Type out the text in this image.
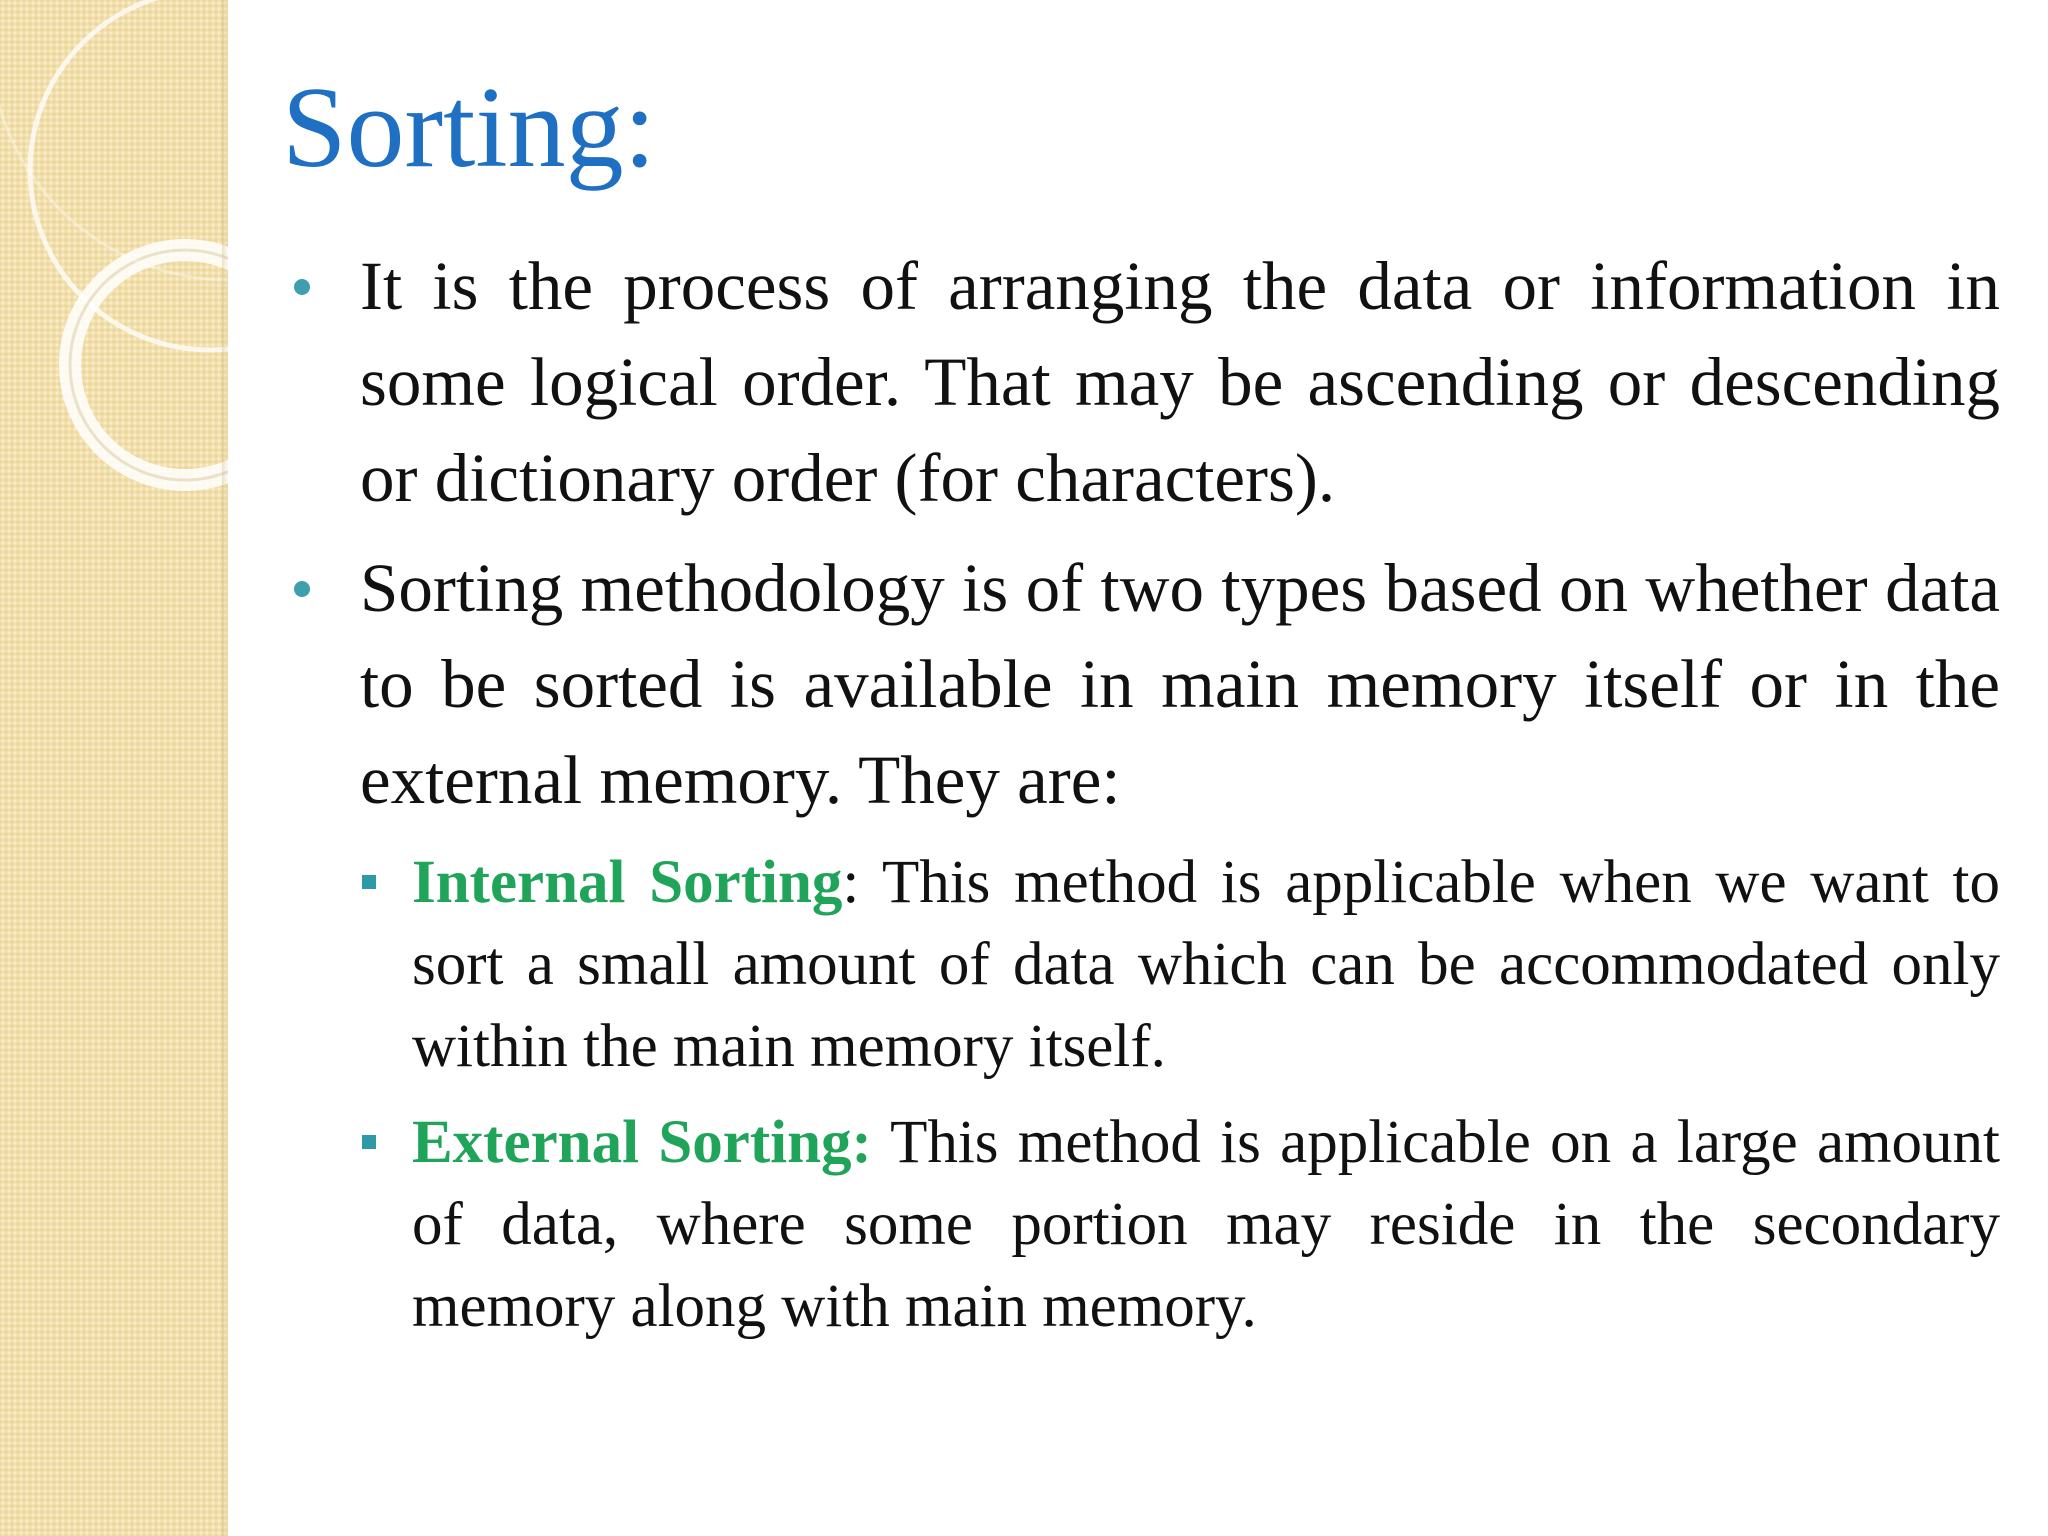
Sorting:
It is the process of arranging the data or information in some logical order. That may be ascending or descending or dictionary order (for characters).
Sorting methodology is of two types based on whether data to be sorted is available in main memory itself or in the external memory. They are:
Internal Sorting: This method is applicable when we want to sort a small amount of data which can be accommodated only within the main memory itself.
External Sorting: This method is applicable on a large amount of data, where some portion may reside in the secondary memory along with main memory.
